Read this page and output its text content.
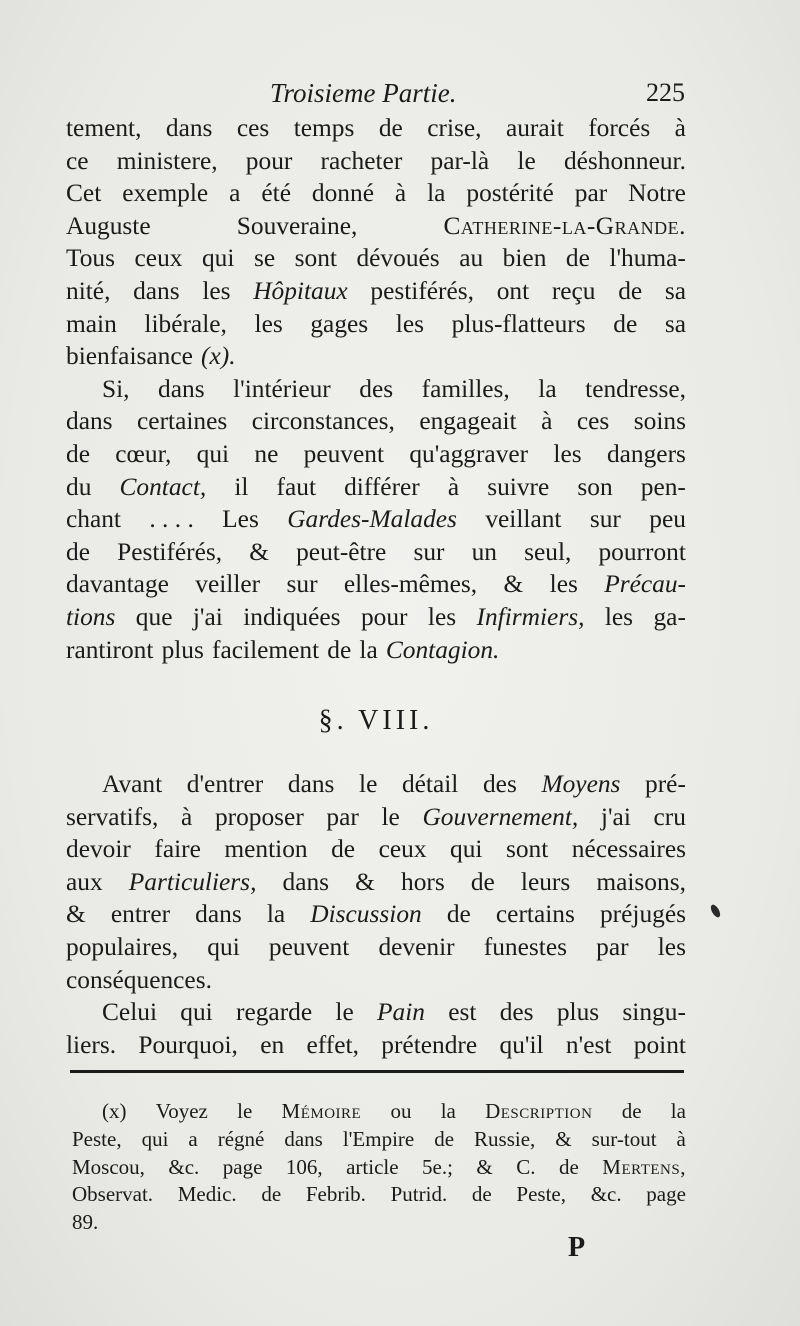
Troisieme Partie.	225
tement, dans ces temps de crise, aurait forcés à
ce ministere, pour racheter par-là le déshonneur.
Cet exemple a été donné à la postérité par Notre
Auguste	Souveraine,	Catherine-la-Grande.
Tous ceux qui se sont dévoués au bien de l'huma-
nité, dans les Hôpitaux pestiférés, ont reçu de sa
main libérale, les gages les plus-flatteurs de sa
bienfaisance (x).
Si, dans l'intérieur des familles, la tendresse,
dans certaines circonstances, engageait à ces soins
de cœur, qui ne peuvent qu'aggraver les dangers
du Contact, il faut différer à suivre son pen-
chant . . . . Les Gardes-Malades veillant sur peu
de Pestiférés, & peut-être sur un seul, pourront
davantage veiller sur elles-mêmes, & les Précau-
tions que j'ai indiquées pour les Infirmiers, les ga-
rantiront plus facilement de la Contagion.
§. VIII.
Avant d'entrer dans le détail des Moyens pré-
servatifs, à proposer par le Gouvernement, j'ai cru
devoir faire mention de ceux qui sont nécessaires
aux Particuliers, dans & hors de leurs maisons,
& entrer dans la Discussion de certains préjugés
populaires, qui peuvent devenir funestes par les
conséquences.
Celui qui regarde le Pain est des plus singu-
liers. Pourquoi, en effet, prétendre qu'il n'est point
(x) Voyez le Mémoire ou la Description de la
Peste, qui a régné dans l'Empire de Russie, & sur-tout à
Moscou, &c. page 106, article 5e.; & C. de Mertens,
Observat. Medic. de Febrib. Putrid. de Peste, &c. page
89.
P
